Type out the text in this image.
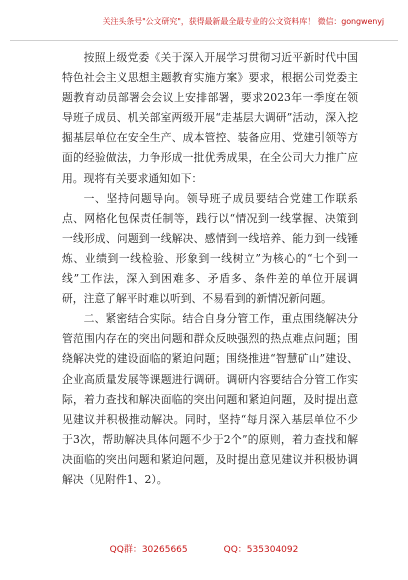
关注头条号"公文研究"，获得最新最全最专业的公文资料库！ 微信：gongwenyj

按照上级党委《关于深入开展学习贯彻习近平新时代中国特色社会主义思想主题教育实施方案》要求，根据公司党委主题教育动员部署会会议上安排部署，要求2023年一季度在领导班子成员、机关部室两级开展“走基层大调研”活动，深入挖掘基层单位在安全生产、成本管控、装备应用、党建引领等方面的经验做法，力争形成一批优秀成果，在全公司大力推广应用。现将有关要求通知如下：

一、坚持问题导向。领导班子成员要结合党建工作联系点、网格化包保责任制等，践行以“情况到一线掌握、决策到一线形成、问题到一线解决、感情到一线培养、能力到一线锤炼、业绩到一线检验、形象到一线树立”为核心的“七个到一线”工作法，深入到困难多、矛盾多、条件差的单位开展调研，注意了解平时难以听到、不易看到的新情况新问题。

二、紧密结合实际。结合自身分管工作，重点围绕解决分管范围内存在的突出问题和群众反映强烈的热点难点问题；围绕解决党的建设面临的紧迫问题；围绕推进“智慧矿山”建设、企业高质量发展等课题进行调研。调研内容要结合分管工作实际，着力查找和解决面临的突出问题和紧迫问题，及时提出意见建议并积极推动解决。同时，坚持“每月深入基层单位不少于3次，帮助解决具体问题不少于2个”的原则，着力查找和解决面临的突出问题和紧迫问题，及时提出意见建议并积极协调解决（见附件1、2）。

QQ群：30265665	QQ：535304092
